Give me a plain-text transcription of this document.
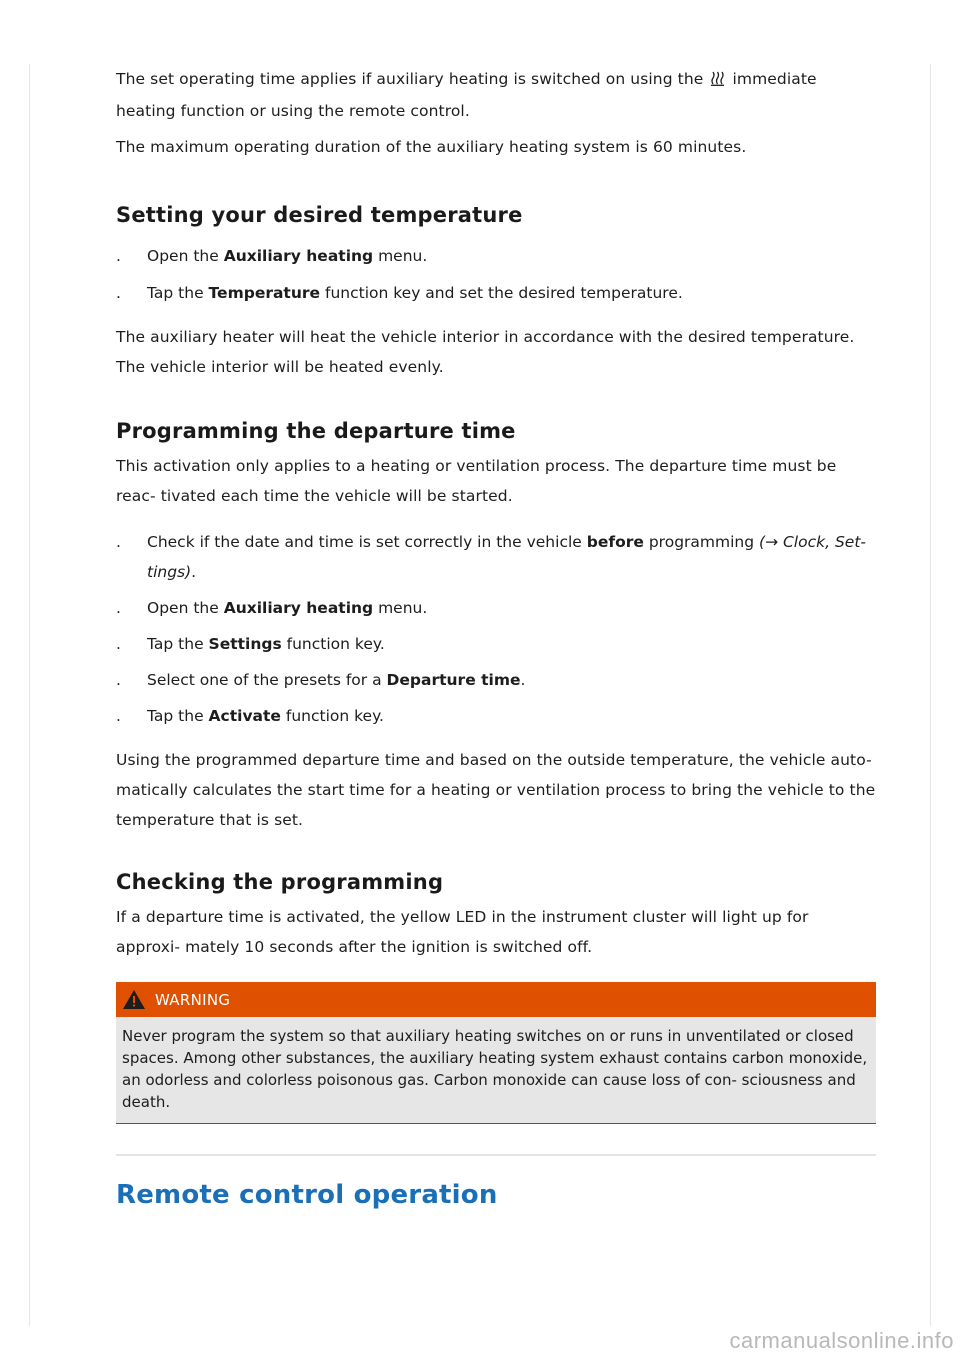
The set operating time applies if auxiliary heating is switched on using the immediate heating function or using the remote control.

The maximum operating duration of the auxiliary heating system is 60 minutes.

Setting your desired temperature
. Open the Auxiliary heating menu.
. Tap the Temperature function key and set the desired temperature.

The auxiliary heater will heat the vehicle interior in accordance with the desired temperature. The vehicle interior will be heated evenly.

Programming the departure time

This activation only applies to a heating or ventilation process. The departure time must be reac- tivated each time the vehicle will be started.

. Check if the date and time is set correctly in the vehicle before programming (→ Clock, Set- tings).
. Open the Auxiliary heating menu.
. Tap the Settings function key.
. Select one of the presets for a Departure time.
. Tap the Activate function key.

Using the programmed departure time and based on the outside temperature, the vehicle auto- matically calculates the start time for a heating or ventilation process to bring the vehicle to the temperature that is set.

Checking the programming

If a departure time is activated, the yellow LED in the instrument cluster will light up for approxi- mately 10 seconds after the ignition is switched off.

WARNING
Never program the system so that auxiliary heating switches on or runs in unventilated or closed spaces. Among other substances, the auxiliary heating system exhaust contains carbon monoxide, an odorless and colorless poisonous gas. Carbon monoxide can cause loss of con- sciousness and death.
Remote control operation
carmanualsonline.info
